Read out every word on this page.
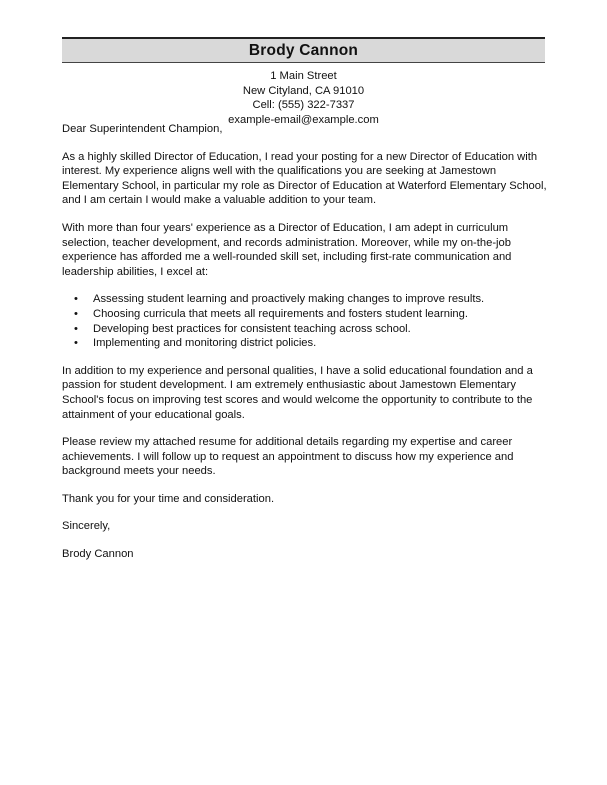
Brody Cannon
1 Main Street
New Cityland, CA 91010
Cell: (555) 322-7337
example-email@example.com

Dear Superintendent Champion,

As a highly skilled Director of Education, I read your posting for a new Director of Education with interest. My experience aligns well with the qualifications you are seeking at Jamestown Elementary School, in particular my role as Director of Education at Waterford Elementary School, and I am certain I would make a valuable addition to your team.

With more than four years' experience as a Director of Education, I am adept in curriculum selection, teacher development, and records administration. Moreover, while my on-the-job experience has afforded me a well-rounded skill set, including first-rate communication and leadership abilities, I excel at:

• Assessing student learning and proactively making changes to improve results.
• Choosing curricula that meets all requirements and fosters student learning.
• Developing best practices for consistent teaching across school.
• Implementing and monitoring district policies.

In addition to my experience and personal qualities, I have a solid educational foundation and a passion for student development. I am extremely enthusiastic about Jamestown Elementary School's focus on improving test scores and would welcome the opportunity to contribute to the attainment of your educational goals.

Please review my attached resume for additional details regarding my expertise and career achievements. I will follow up to request an appointment to discuss how my experience and background meets your needs.

Thank you for your time and consideration.

Sincerely,

Brody Cannon
